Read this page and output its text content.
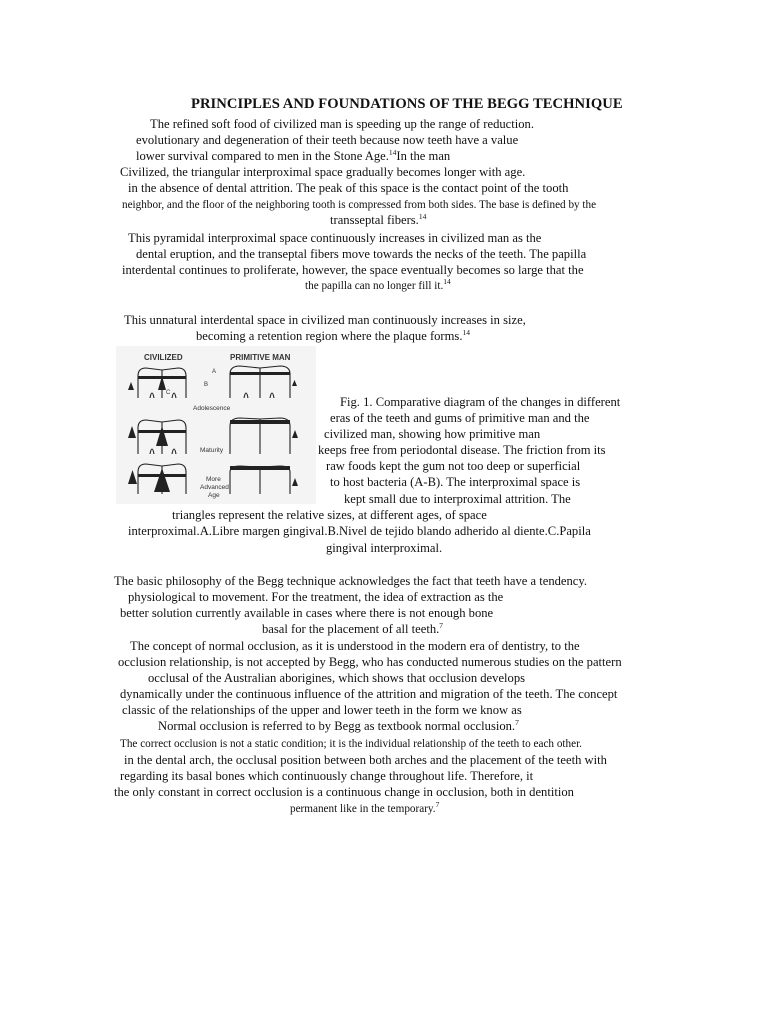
PRINCIPLES AND FOUNDATIONS OF THE BEGG TECHNIQUE
The refined soft food of civilized man is speeding up the range of reduction.
evolutionary and degeneration of their teeth because now teeth have a value
lower survival compared to men in the Stone Age.$^{14}$In the man
Civilized, the triangular interproximal space gradually becomes longer with age.
in the absence of dental attrition. The peak of this space is the contact point of the tooth
neighbor, and the floor of the neighboring tooth is compressed from both sides. The base is defined by the
transseptal fibers.$^{14}$
This pyramidal interproximal space continuously increases in civilized man as the
dental eruption, and the transeptal fibers move towards the necks of the teeth. The papilla
interdental continues to proliferate, however, the space eventually becomes so large that the
the papilla can no longer fill it.$^{14}$
This unnatural interdental space in civilized man continuously increases in size,
becoming a retention region where the plaque forms.$^{14}$
CIVILIZED	PRIMITIVE MAN
Adolescence
Maturity
More
Advanced
Age
A
B
C
Fig. 1. Comparative diagram of the changes in different
eras of the teeth and gums of primitive man and the
civilized man, showing how primitive man
keeps free from periodontal disease. The friction from its
raw foods kept the gum not too deep or superficial
to host bacteria (A-B). The interproximal space is
kept small due to interproximal attrition. The
triangles represent the relative sizes, at different ages, of space
interproximal.A.Libre margen gingival.B.Nivel de tejido blando adherido al diente.C.Papila
gingival interproximal.
The basic philosophy of the Begg technique acknowledges the fact that teeth have a tendency.
physiological to movement. For the treatment, the idea of extraction as the
better solution currently available in cases where there is not enough bone
basal for the placement of all teeth.$^7$
The concept of normal occlusion, as it is understood in the modern era of dentistry, to the
occlusion relationship, is not accepted by Begg, who has conducted numerous studies on the pattern
occlusal of the Australian aborigines, which shows that occlusion develops
dynamically under the continuous influence of the attrition and migration of the teeth. The concept
classic of the relationships of the upper and lower teeth in the form we know as
Normal occlusion is referred to by Begg as textbook normal occlusion.$^7$
The correct occlusion is not a static condition; it is the individual relationship of the teeth to each other.
in the dental arch, the occlusal position between both arches and the placement of the teeth with
regarding its basal bones which continuously change throughout life. Therefore, it
the only constant in correct occlusion is a continuous change in occlusion, both in dentition
permanent like in the temporary.$^7$
